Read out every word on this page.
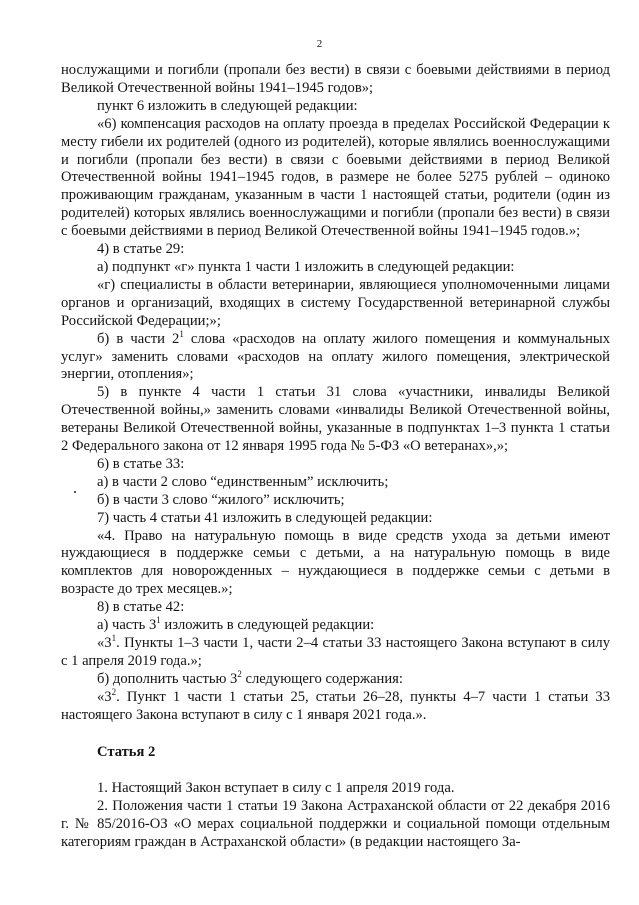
2

нослужащими и погибли (пропали без вести) в связи с боевыми действиями в период Великой Отечественной войны 1941–1945 годов»;

пункт 6 изложить в следующей редакции:

«6) компенсация расходов на оплату проезда в пределах Российской Федерации к месту гибели их родителей (одного из родителей), которые являлись военнослужащими и погибли (пропали без вести) в связи с боевыми действиями в период Великой Отечественной войны 1941–1945 годов, в размере не более 5275 рублей – одиноко проживающим гражданам, указанным в части 1 настоящей статьи, родители (один из родителей) которых являлись военнослужащими и погибли (пропали без вести) в связи с боевыми действиями в период Великой Отечественной войны 1941–1945 годов.»;

4) в статье 29:

а) подпункт «г» пункта 1 части 1 изложить в следующей редакции:

«г) специалисты в области ветеринарии, являющиеся уполномоченными лицами органов и организаций, входящих в систему Государственной ветеринарной службы Российской Федерации;»;

б) в части $2^1$ слова «расходов на оплату жилого помещения и коммунальных услуг» заменить словами «расходов на оплату жилого помещения, электрической энергии, отопления»;

5) в пункте 4 части 1 статьи 31 слова «участники, инвалиды Великой Отечественной войны,» заменить словами «инвалиды Великой Отечественной войны, ветераны Великой Отечественной войны, указанные в подпунктах 1–3 пункта 1 статьи 2 Федерального закона от 12 января 1995 года № 5-ФЗ «О ветеранах»,»;

6) в статье 33:

а) в части 2 слово “единственным” исключить;

б) в части 3 слово “жилого” исключить;

7) часть 4 статьи 41 изложить в следующей редакции:

«4. Право на натуральную помощь в виде средств ухода за детьми имеют нуждающиеся в поддержке семьи с детьми, а на натуральную помощь в виде комплектов для новорожденных – нуждающиеся в поддержке семьи с детьми в возрасте до трех месяцев.»;

8) в статье 42:

а) часть $3^1$ изложить в следующей редакции:

«$3^1$. Пункты 1–3 части 1, части 2–4 статьи 33 настоящего Закона вступают в силу с 1 апреля 2019 года.»;

б) дополнить частью $3^2$ следующего содержания:

«$3^2$. Пункт 1 части 1 статьи 25, статьи 26–28, пункты 4–7 части 1 статьи 33 настоящего Закона вступают в силу с 1 января 2021 года.».

Статья 2

1. Настоящий Закон вступает в силу с 1 апреля 2019 года.

2. Положения части 1 статьи 19 Закона Астраханской области от 22 декабря 2016 г. № 85/2016-ОЗ «О мерах социальной поддержки и социальной помощи отдельным категориям граждан в Астраханской области» (в редакции настоящего За-
